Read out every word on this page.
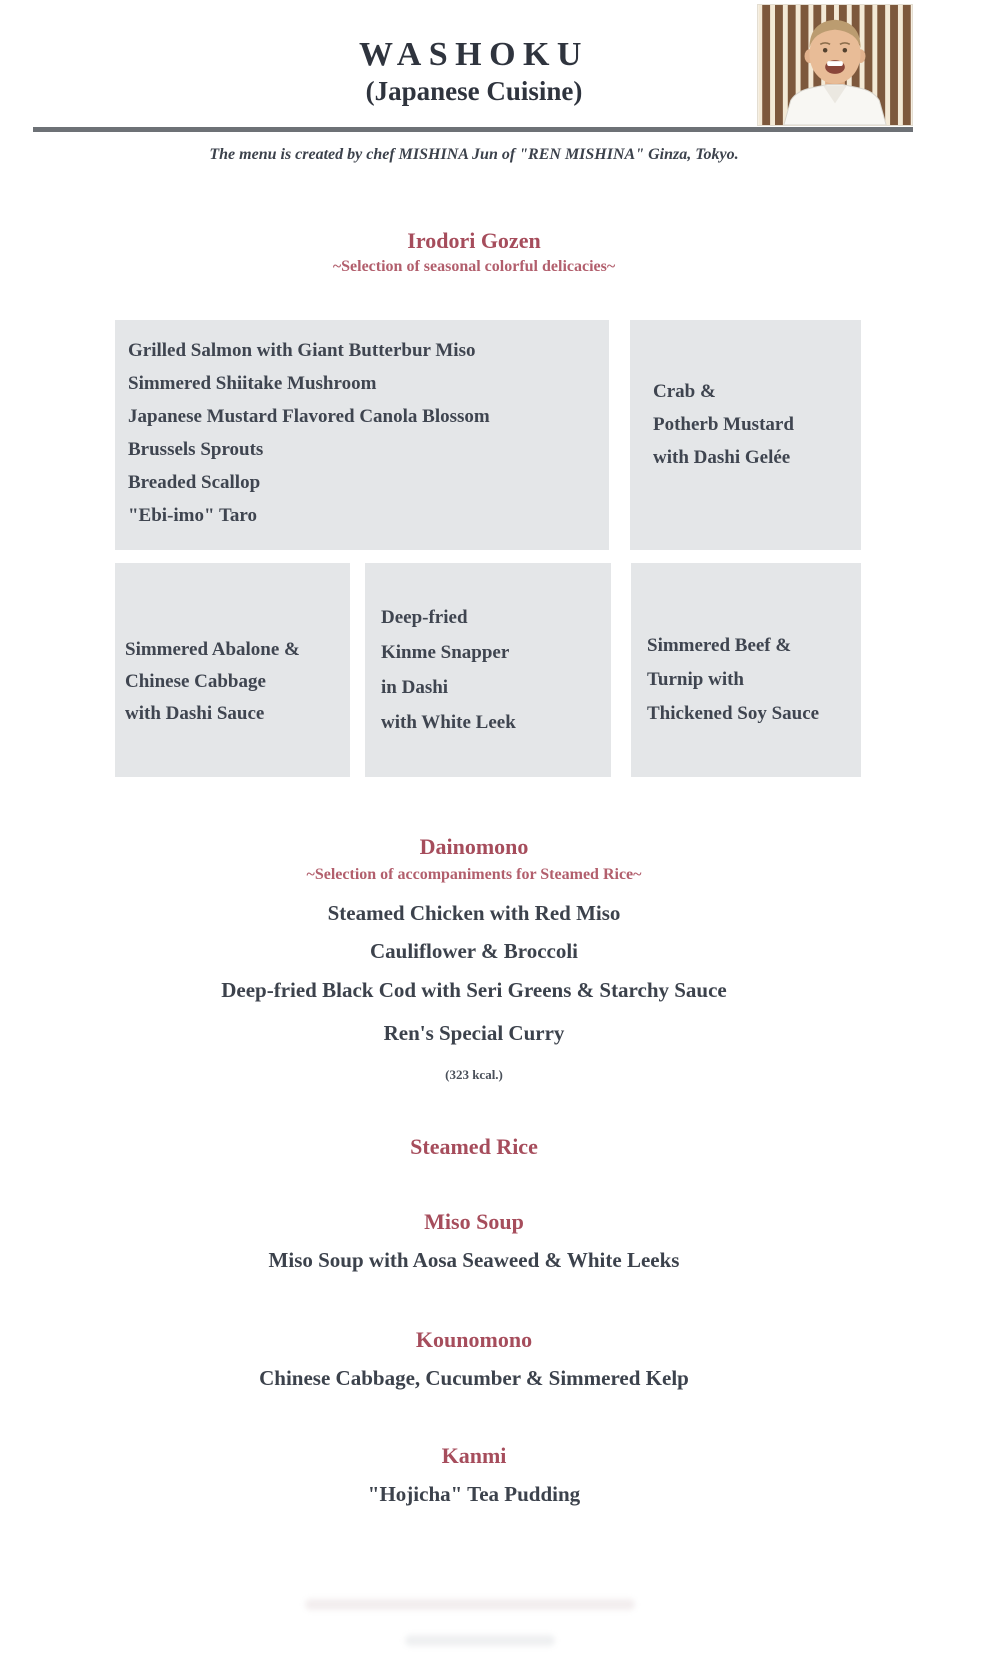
WASHOKU
(Japanese Cuisine)
The menu is created by chef MISHINA Jun of "REN MISHINA" Ginza, Tokyo.
Irodori Gozen
~Selection of seasonal colorful delicacies~
Grilled Salmon with Giant Butterbur Miso
Simmered Shiitake Mushroom
Japanese Mustard Flavored Canola Blossom
Brussels Sprouts
Breaded Scallop
"Ebi-imo" Taro
Crab &
Potherb Mustard
with Dashi Gelée
Simmered Abalone &
Chinese Cabbage
with Dashi Sauce
Deep-fried
Kinme Snapper
in Dashi
with White Leek
Simmered Beef &
Turnip with
Thickened Soy Sauce
Dainomono
~Selection of accompaniments for Steamed Rice~
Steamed Chicken with Red Miso
Cauliflower & Broccoli
Deep-fried Black Cod with Seri Greens & Starchy Sauce
Ren's Special Curry
(323 kcal.)
Steamed Rice
Miso Soup
Miso Soup with Aosa Seaweed & White Leeks
Kounomono
Chinese Cabbage, Cucumber & Simmered Kelp
Kanmi
"Hojicha" Tea Pudding
